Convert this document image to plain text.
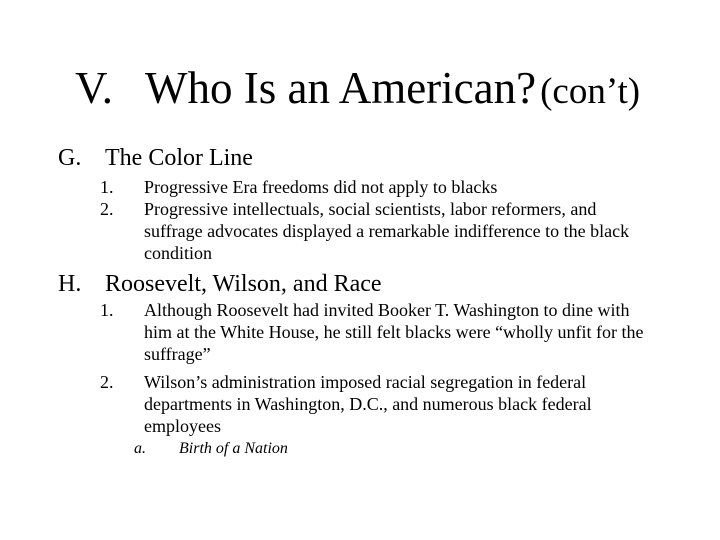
V. Who Is an American? (con’t)
G. The Color Line
1. Progressive Era freedoms did not apply to blacks
2. Progressive intellectuals, social scientists, labor reformers, and suffrage advocates displayed a remarkable indifference to the black condition
H. Roosevelt, Wilson, and Race
1. Although Roosevelt had invited Booker T. Washington to dine with him at the White House, he still felt blacks were “wholly unfit for the suffrage”
2. Wilson’s administration imposed racial segregation in federal departments in Washington, D.C., and numerous black federal employees
a. Birth of a Nation
